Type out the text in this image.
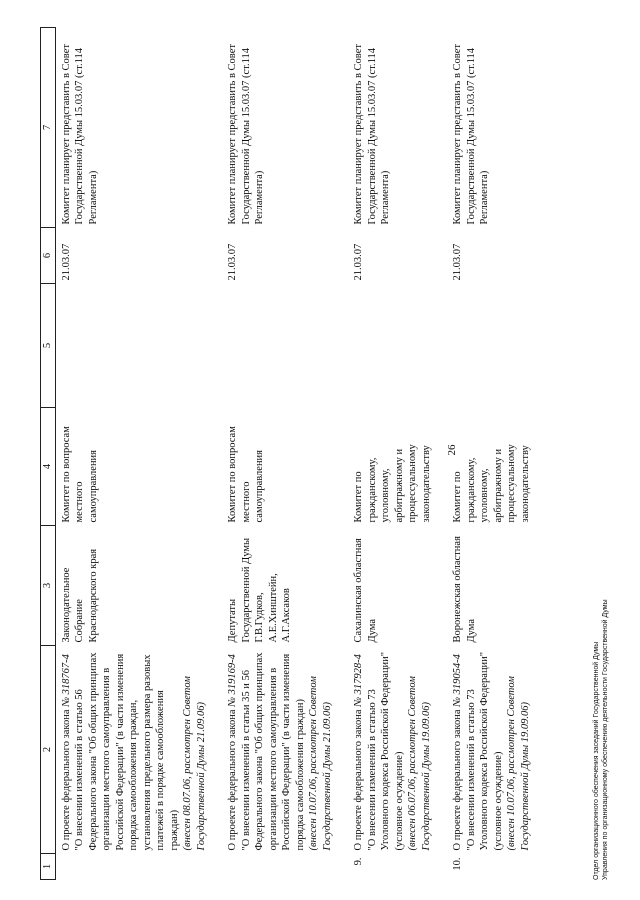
26
1	2	3	4	5	6	7
	О проекте федерального закона № 318767-4 "О внесении изменений в статью 56 Федерального закона "Об общих принципах организации местного самоуправления в Российской Федерации" (в части изменения порядка самообложения граждан, установления предельного размера разовых платежей в порядке самообложения граждан) (внесен 08.07.06, рассмотрен Советом Государственной Думы 21.09.06)	Законодательное Собрание Краснодарского края	Комитет по вопросам местного самоуправления		21.03.07	Комитет планирует представить в Совет Государственной Думы 15.03.07 (ст.114 Регламента)
	О проекте федерального закона № 319169-4 "О внесении изменений в статьи 35 и 56 Федерального закона "Об общих принципах организации местного самоуправления в Российской Федерации" (в части изменения порядка самообложения граждан) (внесен 10.07.06, рассмотрен Советом Государственной Думы 21.09.06)	Депутаты Государственной Думы Г.В.Гудков, А.Е.Хинштейн, А.Г.Аксаков	Комитет по вопросам местного самоуправления		21.03.07	Комитет планирует представить в Совет Государственной Думы 15.03.07 (ст.114 Регламента)
9.	О проекте федерального закона № 317928-4 "О внесении изменений в статью 73 Уголовного кодекса Российской Федерации" (условное осуждение) (внесен 06.07.06, рассмотрен Советом Государственной Думы 19.09.06)	Сахалинская областная Дума	Комитет по гражданскому, уголовному, арбитражному и процессуальному законодательству		21.03.07	Комитет планирует представить в Совет Государственной Думы 15.03.07 (ст.114 Регламента)
10.	О проекте федерального закона № 319054-4 "О внесении изменений в статью 73 Уголовного кодекса Российской Федерации" (условное осуждение) (внесен 10.07.06, рассмотрен Советом Государственной Думы 19.09.06)	Воронежская областная Дума	Комитет по гражданскому, уголовному, арбитражному и процессуальному законодательству		21.03.07	Комитет планирует представить в Совет Государственной Думы 15.03.07 (ст.114 Регламента)
Отдел организационного обеспечения заседаний Государственной Думы Управления по организационному обеспечению деятельности Государственной Думы
